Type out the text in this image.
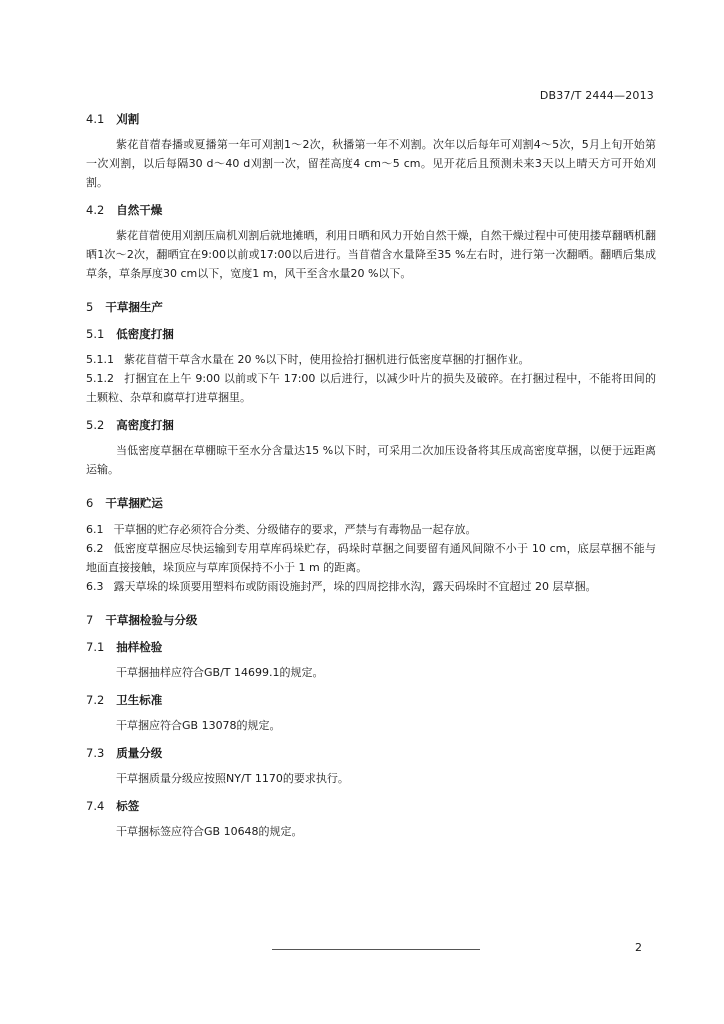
DB37/T 2444—2013
4.1 刈割

紫花苜蓿春播或夏播第一年可刈割1～2次，秋播第一年不刈割。次年以后每年可刈割4～5次，5月上旬开始第一次刈割，以后每隔30 d～40 d刈割一次，留茬高度4 cm～5 cm。见开花后且预测未来3天以上晴天方可开始刈割。

4.2 自然干燥

紫花苜蓿使用刈割压扁机刈割后就地摊晒，利用日晒和风力开始自然干燥，自然干燥过程中可使用搂草翻晒机翻晒1次～2次，翻晒宜在9:00以前或17:00以后进行。当苜蓿含水量降至35 %左右时，进行第一次翻晒。翻晒后集成草条，草条厚度30 cm以下，宽度1 m，风干至含水量20 %以下。

5 干草捆生产
5.1 低密度打捆

5.1.1 紫花苜蓿干草含水量在 20 %以下时，使用捡拾打捆机进行低密度草捆的打捆作业。

5.1.2 打捆宜在上午 9:00 以前或下午 17:00 以后进行，以减少叶片的损失及破碎。在打捆过程中，不能将田间的土颗粒、杂草和腐草打进草捆里。

5.2 高密度打捆

当低密度草捆在草棚晾干至水分含量达15 %以下时，可采用二次加压设备将其压成高密度草捆，以便于远距离运输。

6 干草捆贮运

6.1 干草捆的贮存必须符合分类、分级储存的要求，严禁与有毒物品一起存放。

6.2 低密度草捆应尽快运输到专用草库码垛贮存，码垛时草捆之间要留有通风间隙不小于 10 cm，底层草捆不能与地面直接接触，垛顶应与草库顶保持不小于 1 m 的距离。

6.3 露天草垛的垛顶要用塑料布或防雨设施封严，垛的四周挖排水沟，露天码垛时不宜超过 20 层草捆。

7 干草捆检验与分级
7.1 抽样检验

干草捆抽样应符合GB/T 14699.1的规定。

7.2 卫生标准

干草捆应符合GB 13078的规定。

7.3 质量分级

干草捆质量分级应按照NY/T 1170的要求执行。

7.4 标签

干草捆标签应符合GB 10648的规定。

2
